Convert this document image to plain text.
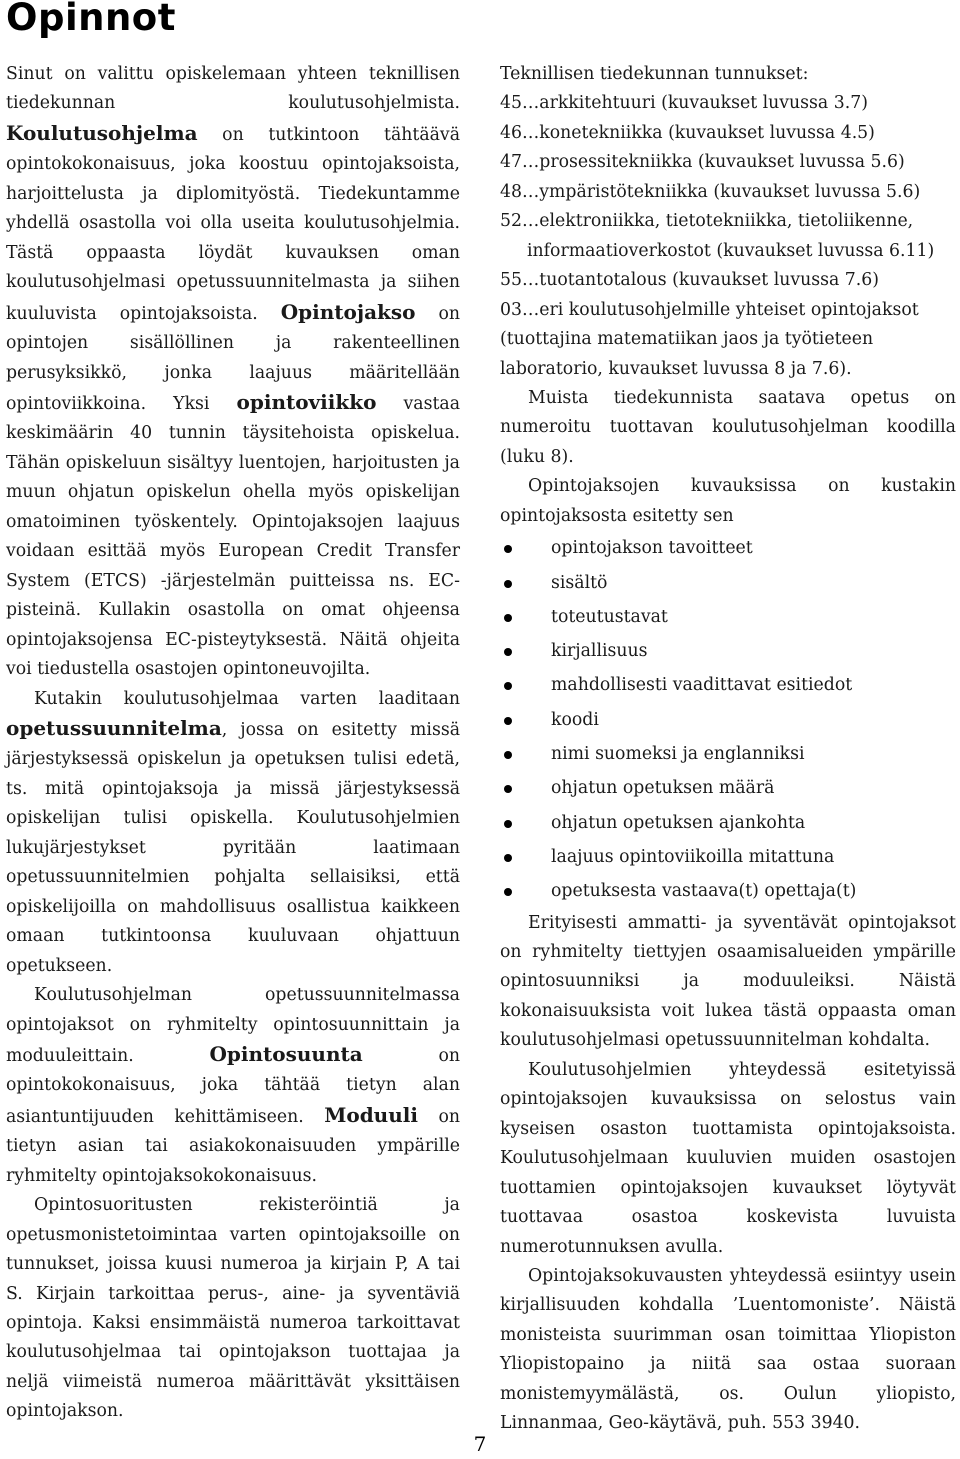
Opinnot

Sinut on valittu opiskelemaan yhteen teknillisen tiedekunnan koulutusohjelmista. Koulutusohjelma on tutkintoon tähtäävä opintokokonaisuus, joka koostuu opintojaksoista, harjoittelusta ja diplomityöstä. Tiedekuntamme yhdellä osastolla voi olla useita koulutusohjelmia. Tästä oppaasta löydät kuvauksen oman koulutusohjelmasi opetussuunnitelmasta ja siihen kuuluvista opintojaksoista. Opintojakso on opintojen sisällöllinen ja rakenteellinen perusyksikkö, jonka laajuus määritellään opintoviikkoina. Yksi opintoviikko vastaa keskimäärin 40 tunnin täysitehoista opiskelua. Tähän opiskeluun sisältyy luentojen, harjoitusten ja muun ohjatun opiskelun ohella myös opiskelijan omatoiminen työskentely. Opintojaksojen laajuus voidaan esittää myös European Credit Transfer System (ETCS) -järjestelmän puitteissa ns. EC-pisteinä. Kullakin osastolla on omat ohjeensa opintojaksojensa EC-pisteytyksestä. Näitä ohjeita voi tiedustella osastojen opintoneuvojilta.

Kutakin koulutusohjelmaa varten laaditaan opetussuunnitelma, jossa on esitetty missä järjestyksessä opiskelun ja opetuksen tulisi edetä, ts. mitä opintojaksoja ja missä järjestyksessä opiskelijan tulisi opiskella. Koulutusohjelmien lukujärjestykset pyritään laatimaan opetussuunnitelmien pohjalta sellaisiksi, että opiskelijoilla on mahdollisuus osallistua kaikkeen omaan tutkintoonsa kuuluvaan ohjattuun opetukseen.

Koulutusohjelman opetussuunnitelmassa opintojaksot on ryhmitelty opintosuunnittain ja moduuleittain. Opintosuunta on opintokokonaisuus, joka tähtää tietyn alan asiantuntijuuden kehittämiseen. Moduuli on tietyn asian tai asiakokonaisuuden ympärille ryhmitelty opintojaksokokonaisuus.

Opintosuoritusten rekisteröintiä ja opetusmonistetoimintaa varten opintojaksoille on tunnukset, joissa kuusi numeroa ja kirjain P, A tai S. Kirjain tarkoittaa perus-, aine- ja syventäviä opintoja. Kaksi ensimmäistä numeroa tarkoittavat koulutusohjelmaa tai opintojakson tuottajaa ja neljä viimeistä numeroa määrittävät yksittäisen opintojakson.

Teknillisen tiedekunnan tunnukset:

45…arkkitehtuuri (kuvaukset luvussa 3.7)

46…konetekniikka (kuvaukset luvussa 4.5)

47…prosessitekniikka (kuvaukset luvussa 5.6)

48…ympäristötekniikka (kuvaukset luvussa 5.6)

52…elektroniikka, tietotekniikka, tietoliikenne, informaatioverkostot (kuvaukset luvussa 6.11)

55…tuotantotalous (kuvaukset luvussa 7.6)

03…eri koulutusohjelmille yhteiset opintojaksot (tuottajina matematiikan jaos ja työtieteen laboratorio, kuvaukset luvussa 8 ja 7.6).

Muista tiedekunnista saatava opetus on numeroitu tuottavan koulutusohjelman koodilla (luku 8).

Opintojaksojen kuvauksissa on kustakin opintojaksosta esitetty sen

opintojakson tavoitteet
sisältö
toteutustavat
kirjallisuus
mahdollisesti vaadittavat esitiedot
koodi
nimi suomeksi ja englanniksi
ohjatun opetuksen määrä
ohjatun opetuksen ajankohta
laajuus opintoviikoilla mitattuna
opetuksesta vastaava(t) opettaja(t)

Erityisesti ammatti- ja syventävät opintojaksot on ryhmitelty tiettyjen osaamisalueiden ympärille opintosuunniksi ja moduuleiksi. Näistä kokonaisuuksista voit lukea tästä oppaasta oman koulutusohjelmasi opetussuunnitelman kohdalta.

Koulutusohjelmien yhteydessä esitetyissä opintojaksojen kuvauksissa on selostus vain kyseisen osaston tuottamista opintojaksoista. Koulutusohjelmaan kuuluvien muiden osastojen tuottamien opintojaksojen kuvaukset löytyvät tuottavaa osastoa koskevista luvuista numerotunnuksen avulla.

Opintojaksokuvausten yhteydessä esiintyy usein kirjallisuuden kohdalla ’Luentomoniste’. Näistä monisteista suurimman osan toimittaa Yliopiston Yliopistopaino ja niitä saa ostaa suoraan monistemyymälästä, os. Oulun yliopisto, Linnanmaa, Geo-käytävä, puh. 553 3940.

7
